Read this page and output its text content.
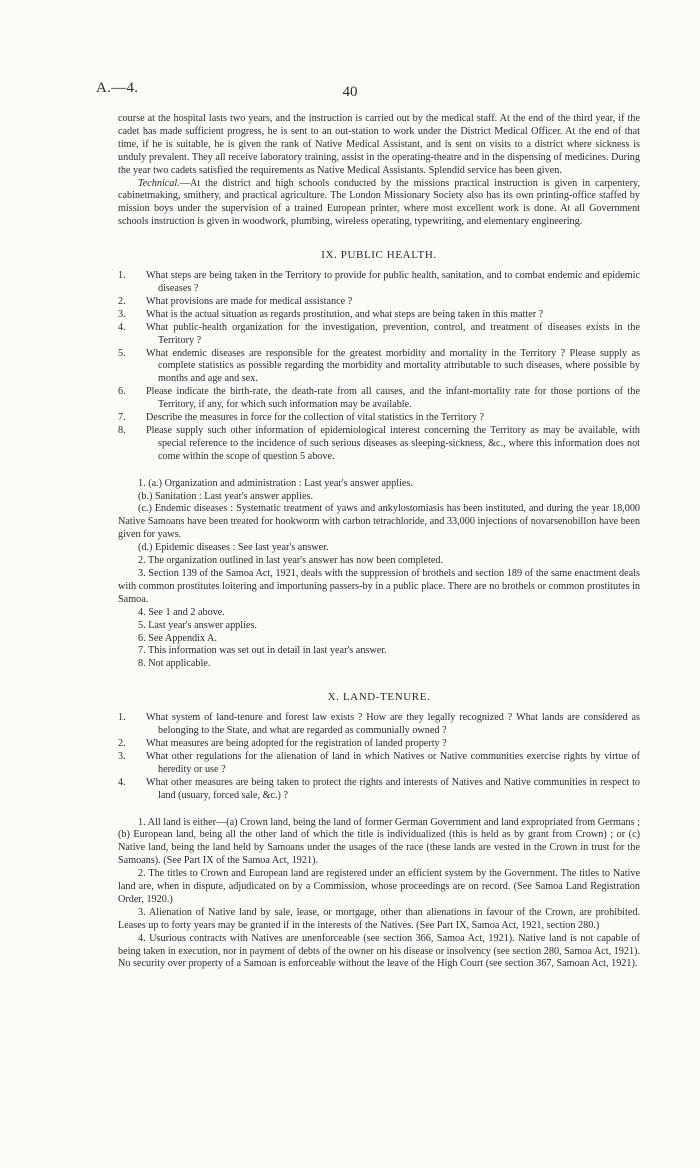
A.—4.	40

course at the hospital lasts two years, and the instruction is carried out by the medical staff. At the end of the third year, if the cadet has made sufficient progress, he is sent to an out-station to work under the District Medical Officer. At the end of that time, if he is suitable, he is given the rank of Native Medical Assistant, and is sent on visits to a district where sickness is unduly prevalent. They all receive laboratory training, assist in the operating-theatre and in the dispensing of medicines. During the year two cadets satisfied the requirements as Native Medical Assistants. Splendid service has been given.

Technical.—At the district and high schools conducted by the missions practical instruction is given in carpentery, cabinetmaking, smithery, and practical agriculture. The London Missionary Society also has its own printing-office staffed by mission boys under the supervision of a trained European printer, where most excellent work is done. At all Government schools instruction is given in woodwork, plumbing, wireless operating, typewriting, and elementary engineering.

IX. PUBLIC HEALTH.

1.	What steps are being taken in the Territory to provide for public health, sanitation, and to combat endemic and epidemic diseases ?

2.	What provisions are made for medical assistance ?

3.	What is the actual situation as regards prostitution, and what steps are being taken in this matter ?

4.	What public-health organization for the investigation, prevention, control, and treatment of diseases exists in the Territory ?

5.	What endemic diseases are responsible for the greatest morbidity and mortality in the Territory ? Please supply as complete statistics as possible regarding the morbidity and mortality attributable to such diseases, where possible by months and age and sex.

6.	Please indicate the birth-rate, the death-rate from all causes, and the infant-mortality rate for those portions of the Territory, if any, for which such information may be available.

7.	Describe the measures in force for the collection of vital statistics in the Territory ?

8.	Please supply such other information of epidemiological interest concerning the Territory as may be available, with special reference to the incidence of such serious diseases as sleeping-sickness, &c., where this information does not come within the scope of question 5 above.

1. (a.) Organization and administration : Last year's answer applies.

(b.) Sanitation : Last year's answer applies.

(c.) Endemic diseases : Systematic treatment of yaws and ankylostomiasis has been instituted, and during the year 18,000 Native Samoans have been treated for hookworm with carbon tetrachloride, and 33,000 injections of novarsenobillon have been given for yaws.

(d.) Epidemic diseases : See last year's answer.

2. The organization outlined in last year's answer has now been completed.

3. Section 139 of the Samoa Act, 1921, deals with the suppression of brothels and section 189 of the same enactment deals with common prostitutes loitering and importuning passers-by in a public place. There are no brothels or common prostitutes in Samoa.

4. See 1 and 2 above.

5. Last year's answer applies.

6. See Appendix A.

7. This information was set out in detail in last year's answer.

8. Not applicable.

X. LAND-TENURE.

1.	What system of land-tenure and forest law exists ? How are they legally recognized ? What lands are considered as belonging to the State, and what are regarded as communially owned ?

2.	What measures are being adopted for the registration of landed property ?

3.	What other regulations for the alienation of land in which Natives or Native communities exercise rights by virtue of heredity or use ?

4.	What other measures are being taken to protect the rights and interests of Natives and Native communities in respect to land (usuary, forced sale, &c.) ?

1. All land is either—(a) Crown land, being the land of former German Government and land expropriated from Germans ; (b) European land, being all the other land of which the title is individualized (this is held as by grant from Crown) ; or (c) Native land, being the land held by Samoans under the usages of the race (these lands are vested in the Crown in trust for the Samoans). (See Part IX of the Samoa Act, 1921).

2. The titles to Crown and European land are registered under an efficient system by the Government. The titles to Native land are, when in dispute, adjudicated on by a Commission, whose proceedings are on record. (See Samoa Land Registration Order, 1920.)

3. Alienation of Native land by sale, lease, or mortgage, other than alienations in favour of the Crown, are prohibited. Leases up to forty years may be granted if in the interests of the Natives. (See Part IX, Samoa Act, 1921, section 280.)

4. Usurious contracts with Natives are unenforceable (see section 366, Samoa Act, 1921). Native land is not capable of being taken in execution, nor in payment of debts of the owner on his disease or insolvency (see section 280, Samoa Act, 1921). No security over property of a Samoan is enforceable without the leave of the High Court (see section 367, Samoan Act, 1921).
